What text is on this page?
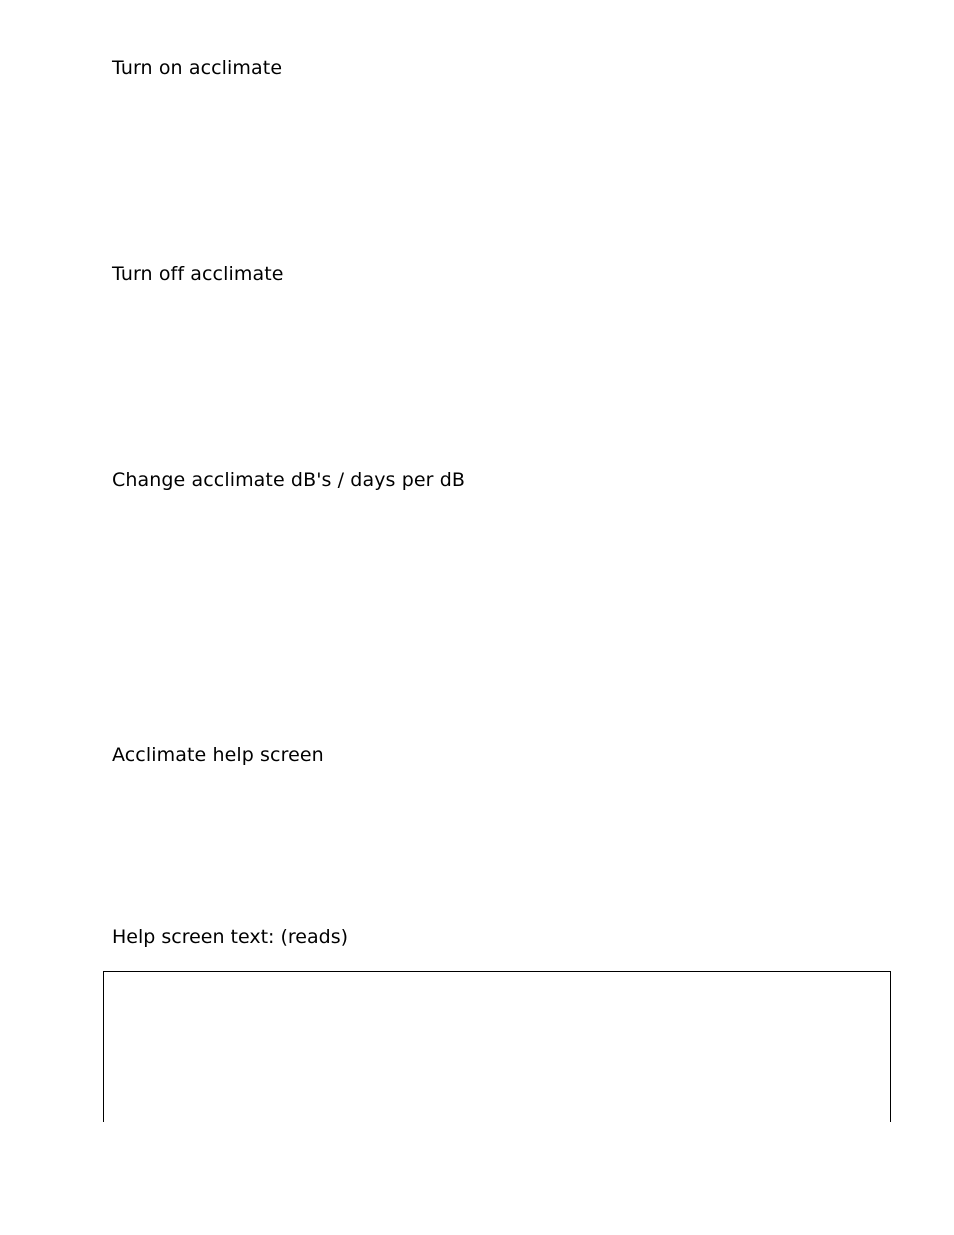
Turn on acclimate
Turn off acclimate
Change acclimate dB's / days per dB
Acclimate help screen

Help screen text: (reads)
